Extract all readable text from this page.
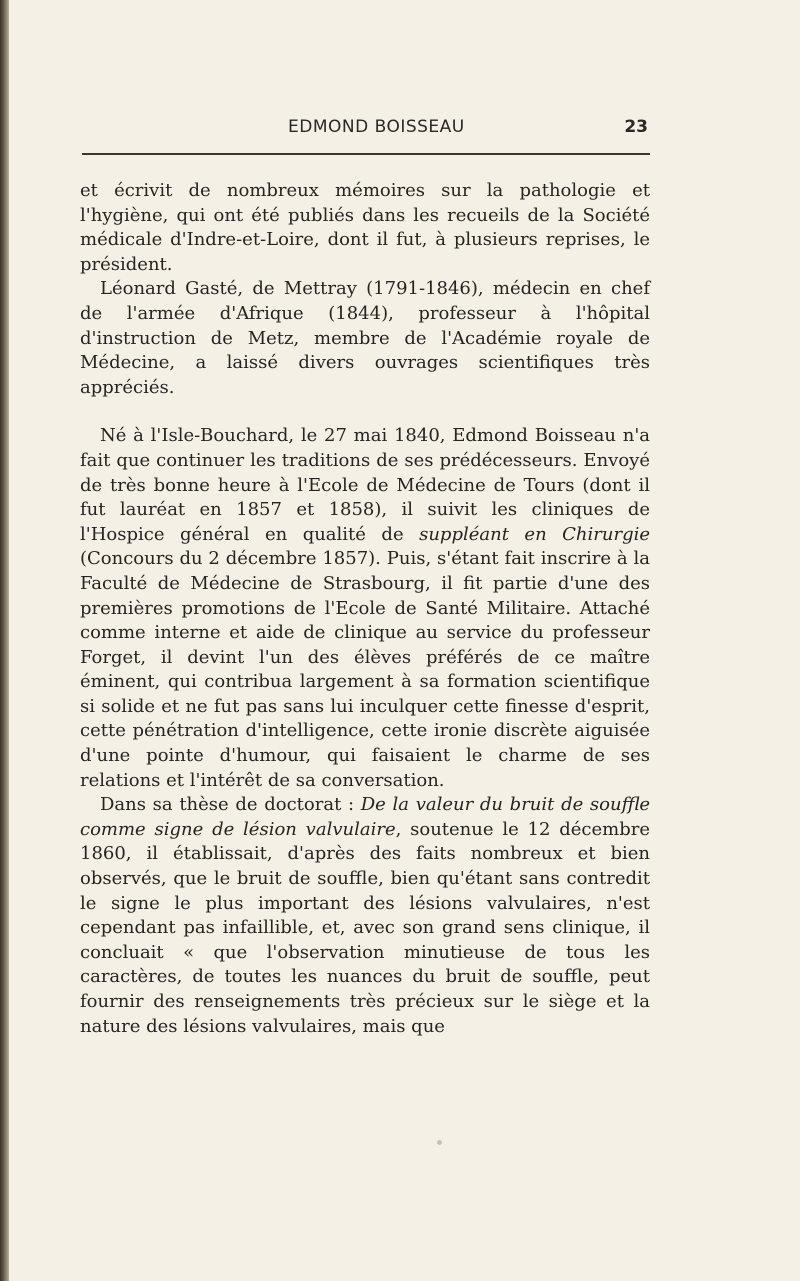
EDMOND BOISSEAU	23

et écrivit de nombreux mémoires sur la pathologie et l'hygiène, qui ont été publiés dans les recueils de la Société médicale d'Indre-et-Loire, dont il fut, à plusieurs reprises, le président.

Léonard Gasté, de Mettray (1791-1846), médecin en chef de l'armée d'Afrique (1844), professeur à l'hôpital d'instruction de Metz, membre de l'Académie royale de Médecine, a laissé divers ouvrages scientifiques très appréciés.

Né à l'Isle-Bouchard, le 27 mai 1840, Edmond Boisseau n'a fait que continuer les traditions de ses prédécesseurs. Envoyé de très bonne heure à l'Ecole de Médecine de Tours (dont il fut lauréat en 1857 et 1858), il suivit les cliniques de l'Hospice général en qualité de suppléant en Chirurgie (Concours du 2 décembre 1857). Puis, s'étant fait inscrire à la Faculté de Médecine de Strasbourg, il fit partie d'une des premières promotions de l'Ecole de Santé Militaire. Attaché comme interne et aide de clinique au service du professeur Forget, il devint l'un des élèves préférés de ce maître éminent, qui contribua largement à sa formation scientifique si solide et ne fut pas sans lui inculquer cette finesse d'esprit, cette pénétration d'intelligence, cette ironie discrète aiguisée d'une pointe d'humour, qui faisaient le charme de ses relations et l'intérêt de sa conversation.

Dans sa thèse de doctorat : De la valeur du bruit de souffle comme signe de lésion valvulaire, soutenue le 12 décembre 1860, il établissait, d'après des faits nombreux et bien observés, que le bruit de souffle, bien qu'étant sans contredit le signe le plus important des lésions valvulaires, n'est cependant pas infaillible, et, avec son grand sens clinique, il concluait « que l'observation minutieuse de tous les caractères, de toutes les nuances du bruit de souffle, peut fournir des renseignements très précieux sur le siège et la nature des lésions valvulaires, mais que
